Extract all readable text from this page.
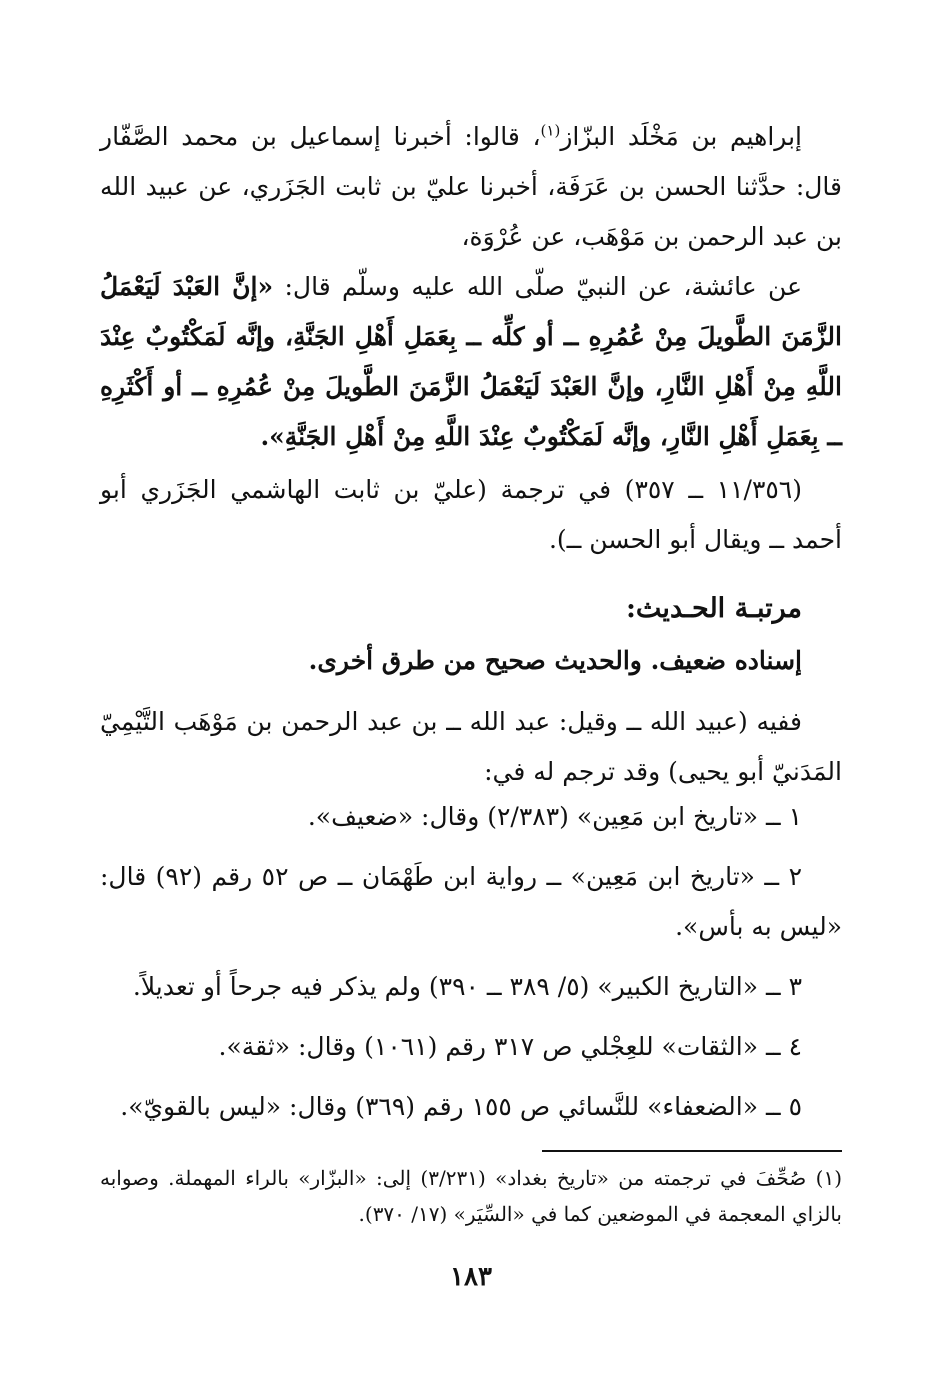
إبراهيم بن مَخْلَد البزّاز$^{(١)}$، قالوا: أخبرنا إسماعيل بن محمد الصَّفّار قال: حدَّثنا الحسن بن عَرَفَة، أخبرنا عليّ بن ثابت الجَزَري، عن عبيد الله بن عبد الرحمن بن مَوْهَب، عن عُرْوَة،

عن عائشة، عن النبيّ صلّى الله عليه وسلّم قال: «إنَّ العَبْدَ لَيَعْمَلُ الزَّمَنَ الطَّويلَ مِنْ عُمُرِهِ ــ أو كلِّه ــ بِعَمَلِ أَهْلِ الجَنَّةِ، وإنَّه لَمَكْتُوبٌ عِنْدَ اللَّهِ مِنْ أَهْلِ النَّارِ، وإنَّ العَبْدَ لَيَعْمَلُ الزَّمَنَ الطَّويلَ مِنْ عُمُرِهِ ــ أو أَكْثَرِهِ ــ بِعَمَلِ أَهْلِ النَّارِ، وإنَّه لَمَكْتُوبٌ عِنْدَ اللَّهِ مِنْ أَهْلِ الجَنَّةِ».

(١١/٣٥٦ ــ ٣٥٧) في ترجمة (عليّ بن ثابت الهاشمي الجَزَري أبو أحمد ــ ويقال أبو الحسن ــ).

مرتبـة الحـديث:

إسناده ضعيف. والحديث صحيح من طرق أخرى.

ففيه (عبيد الله ــ وقيل: عبد الله ــ بن عبد الرحمن بن مَوْهَب التَّيْمِيّ المَدَنيّ أبو يحيى) وقد ترجم له في:

١ ــ «تاريخ ابن مَعِين» (٢/٣٨٣) وقال: «ضعيف».

٢ ــ «تاريخ ابن مَعِين» ــ رواية ابن طَهْمَان ــ ص ٥٢ رقم (٩٢) قال: «ليس به بأس».

٣ ــ «التاريخ الكبير» (٥/ ٣٨٩ ــ ٣٩٠) ولم يذكر فيه جرحاً أو تعديلاً.

٤ ــ «الثقات» للعِجْلي ص ٣١٧ رقم (١٠٦١) وقال: «ثقة».

٥ ــ «الضعفاء» للنَّسائي ص ١٥٥ رقم (٣٦٩) وقال: «ليس بالقويّ».

(١) صُحِّفَ في ترجمته من «تاريخ بغداد» (٣/٢٣١) إلى: «البزّار» بالراء المهملة. وصوابه بالزاي المعجمة في الموضعين كما في «السِّيَر» (١٧/ ٣٧٠).

١٨٣
